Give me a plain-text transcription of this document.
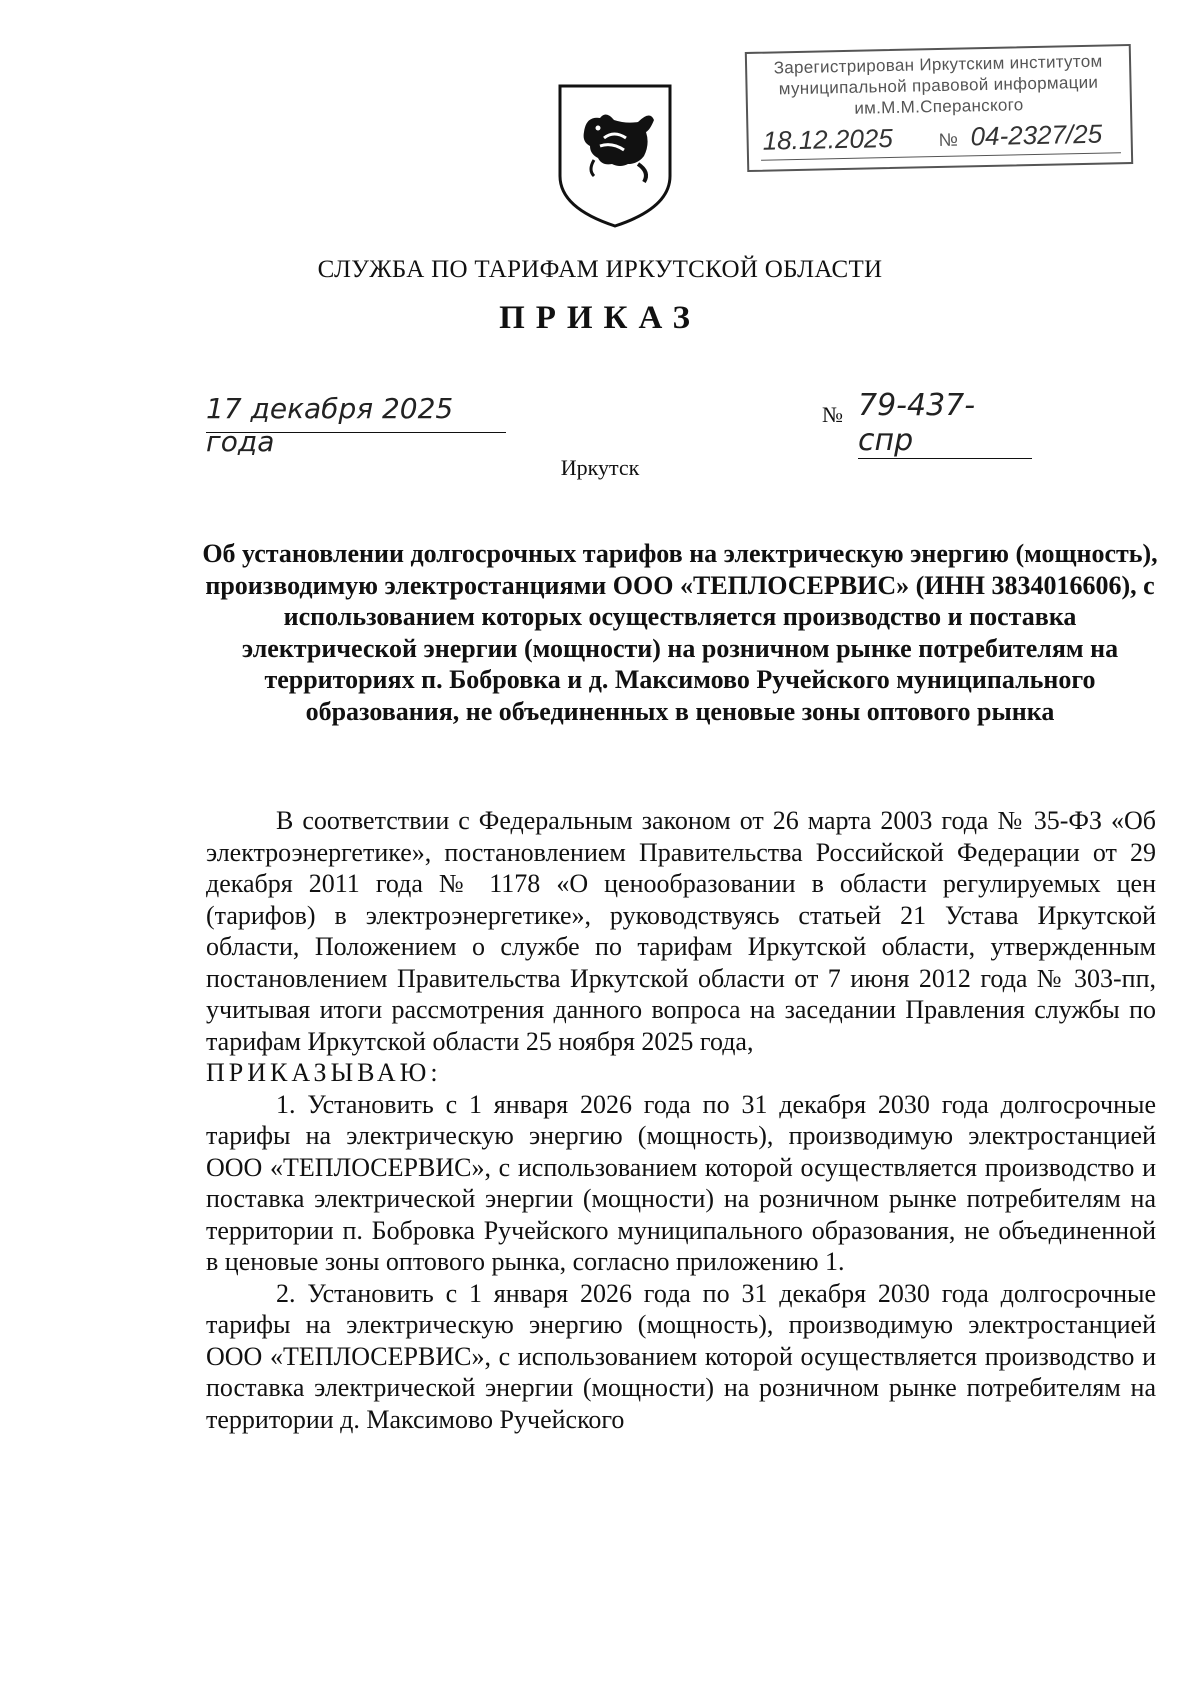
Зарегистрирован Иркутским институтом
муниципальной правовой информации
им.М.М.Сперанского
18.12.2025	№ 04-2327/25
СЛУЖБА ПО ТАРИФАМ ИРКУТСКОЙ ОБЛАСТИ
ПРИКАЗ
17 декабря 2025 года
№ 79-437-спр
Иркутск
Об установлении долгосрочных тарифов на электрическую энергию (мощность), производимую электростанциями ООО «ТЕПЛОСЕРВИС» (ИНН 3834016606), с использованием которых осуществляется производство и поставка электрической энергии (мощности) на розничном рынке потребителям на территориях п. Бобровка и д. Максимово Ручейского муниципального образования, не объединенных в ценовые зоны оптового рынка

В соответствии с Федеральным законом от 26 марта 2003 года № 35-ФЗ «Об электроэнергетике», постановлением Правительства Российской Федерации от 29 декабря 2011 года № 1178 «О ценообразовании в области регулируемых цен (тарифов) в электроэнергетике», руководствуясь статьей 21 Устава Иркутской области, Положением о службе по тарифам Иркутской области, утвержденным постановлением Правительства Иркутской области от 7 июня 2012 года № 303-пп, учитывая итоги рассмотрения данного вопроса на заседании Правления службы по тарифам Иркутской области 25 ноября 2025 года,

ПРИКАЗЫВАЮ:

1. Установить с 1 января 2026 года по 31 декабря 2030 года долгосрочные тарифы на электрическую энергию (мощность), производимую электростанцией ООО «ТЕПЛОСЕРВИС», с использованием которой осуществляется производство и поставка электрической энергии (мощности) на розничном рынке потребителям на территории п. Бобровка Ручейского муниципального образования, не объединенной в ценовые зоны оптового рынка, согласно приложению 1.

2. Установить с 1 января 2026 года по 31 декабря 2030 года долгосрочные тарифы на электрическую энергию (мощность), производимую электростанцией ООО «ТЕПЛОСЕРВИС», с использованием которой осуществляется производство и поставка электрической энергии (мощности) на розничном рынке потребителям на территории д. Максимово Ручейского
